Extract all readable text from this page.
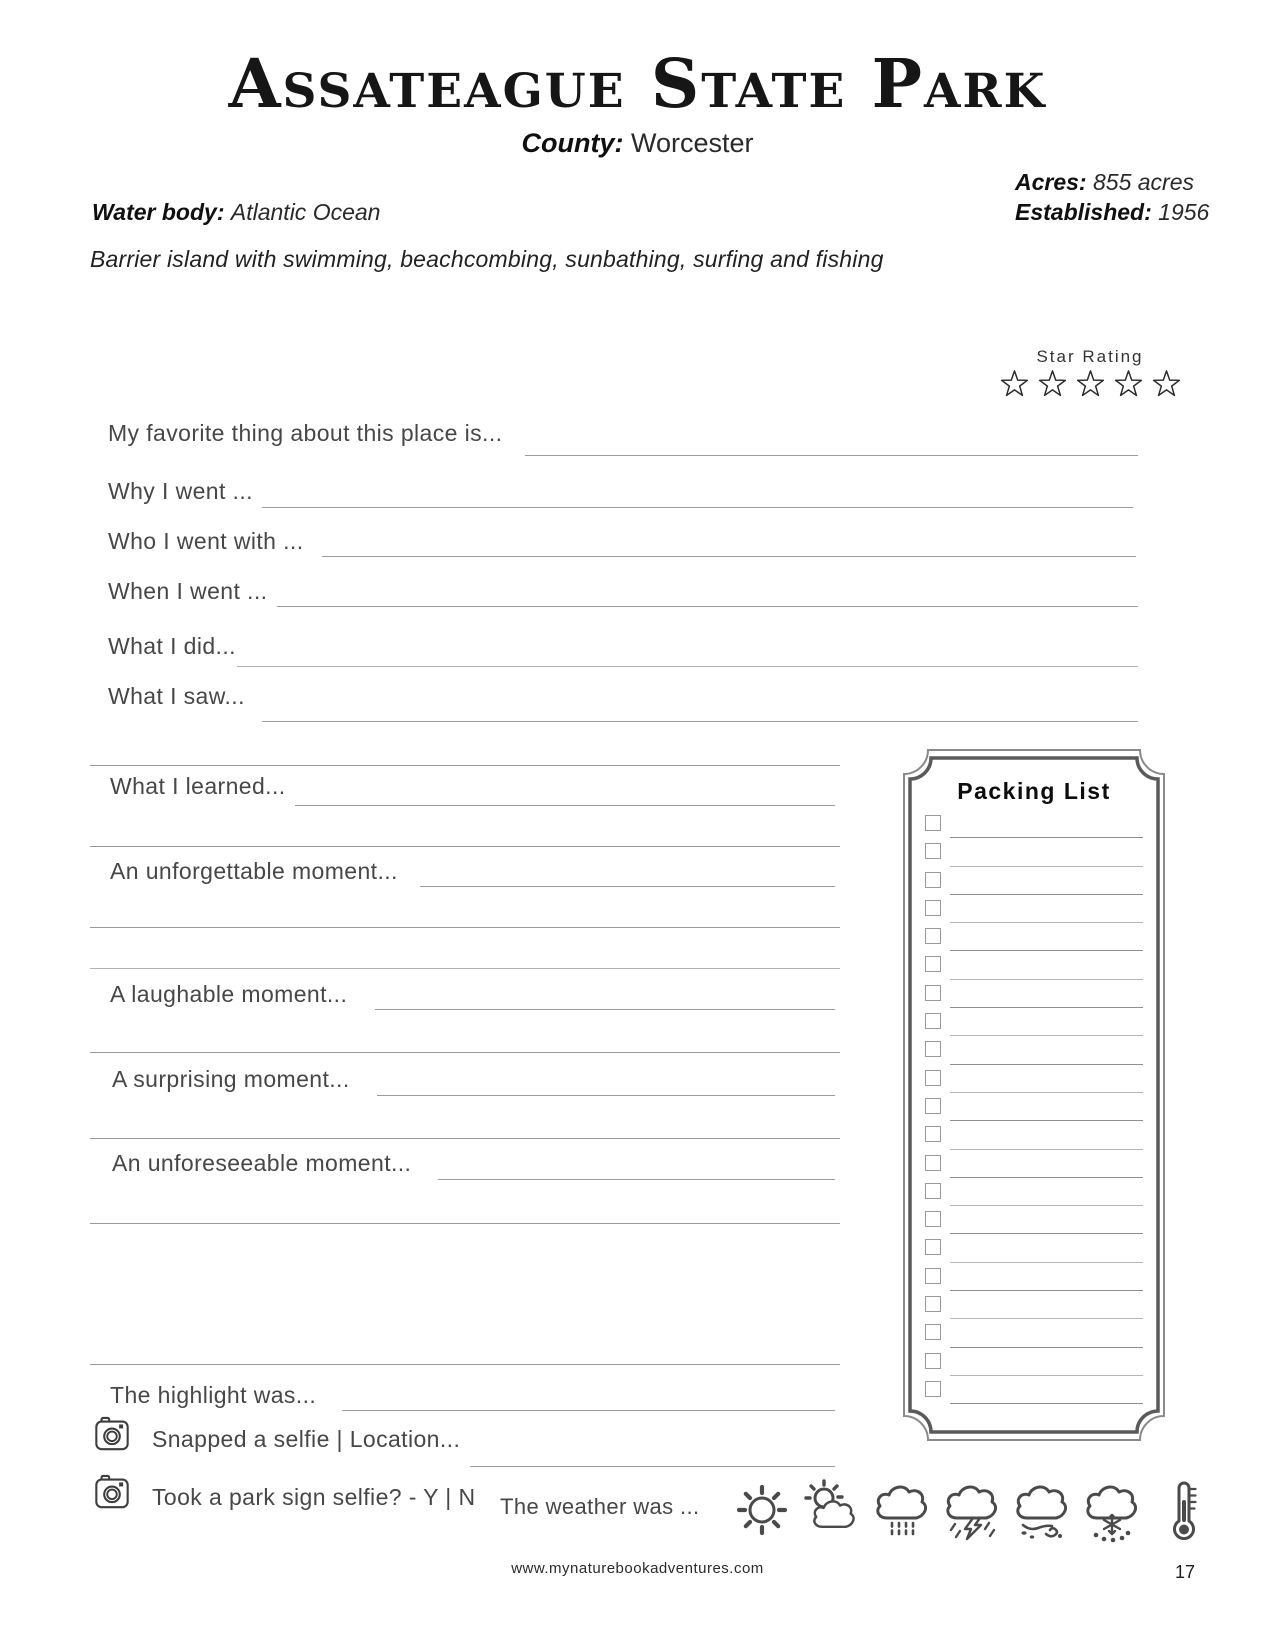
Assateague State Park
County: Worcester
Acres: 855 acres
Established: 1956
Water body: Atlantic Ocean
Barrier island with swimming, beachcombing, sunbathing, surfing and fishing
Star Rating
My favorite thing about this place is...
Why I went ...
Who I went with ...
When I went ...
What I did...
What I saw...
What I learned...
An unforgettable moment...
A laughable moment...
A surprising moment...
An unforeseeable moment...
The highlight was...
Snapped a selfie | Location...
Took a park sign selfie? - Y | N The weather was ...
Packing List
www.mynaturebookadventures.com	17
